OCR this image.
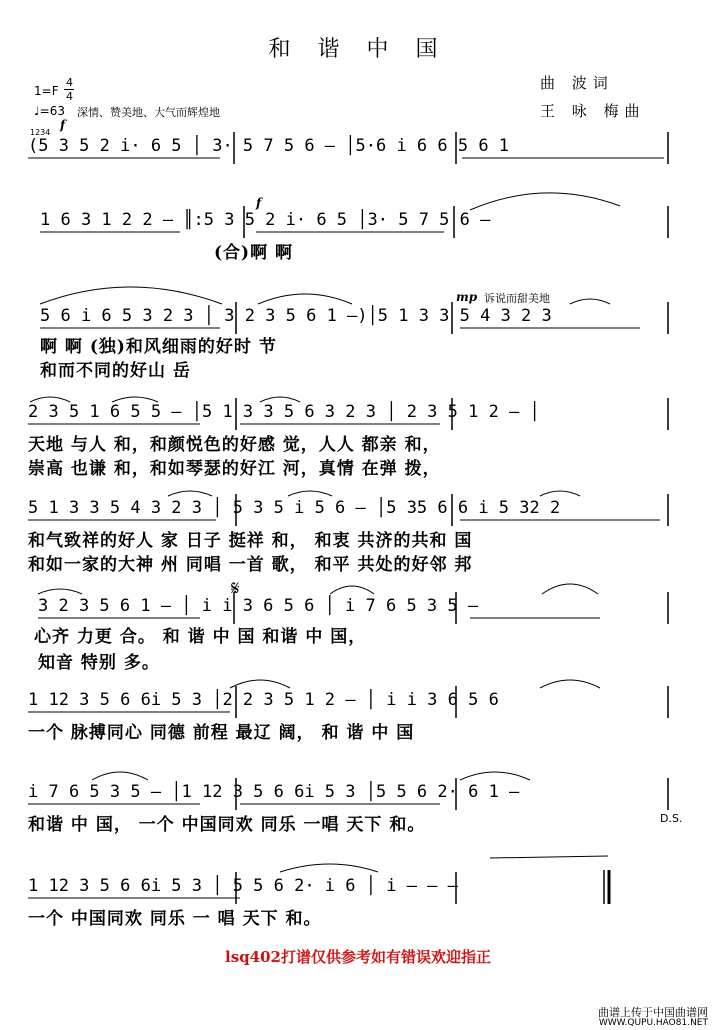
和 谐 中 国
曲 波词
王 咏 梅曲
1=F
4
4
♩=63 深情、赞美地、大气而辉煌地
f
1234
mp 诉说而甜美地
D.S.
𝄋
f
(5 3 5 2 i· 6 5 │ 3· 5 7 5 6 – │5·6 i 6 6 5 6 1
1 6 3 1 2 2 – ║:5 3 5 2 i· 6 5 │3· 5 7 5 6 –
(合)啊 啊
5 6 i 6 5 3 2 3 │ 3 2 3 5 6 1 –)│5 1 3 3 5 4 3 2 3
啊 啊 (独)和风细雨的好时 节
和而不同的好山 岳
2 3 5 1 6 5 5 – │5 1 3 3 5 6 3 2 3 │ 2 3 5 1 2 – │
天地 与人 和，和颜悦色的好感 觉，人人 都亲 和，
崇高 也谦 和，和如琴瑟的好江 河，真情 在弹 拨，
5 1 3 3 5 4 3 2 3 │ 5 3 5 i 5 6 – │5 35 6 6 i 5 32 2
和气致祥的好人 家 日子 挺祥 和， 和衷 共济的共和 国
和如一家的大神 州 同唱 一首 歌， 和平 共处的好邻 邦
3 2 3 5 6 1 – │ i i 3 6 5 6 │ i 7 6 5 3 5 –
心齐 力更 合。 和 谐 中 国 和谐 中 国，
知音 特别 多。
1 12 3 5 6 6i 5 3 │2 2 3 5 1 2 – │ i i 3 6 5 6
一个 脉搏同心 同德 前程 最辽 阔， 和 谐 中 国
i 7 6 5 3 5 – │1 12 3 5 6 6i 5 3 │5 5 6 2· 6 1 –
和谐 中 国， 一个 中国同欢 同乐 一唱 天下 和。
1 12 3 5 6 6i 5 3 │ 5 5 6 2· i 6 │ i – – –
一个 中国同欢 同乐 一 唱 天下 和。
lsq402打谱仅供参考如有错误欢迎指正
曲谱上传于中国曲谱网
WWW.QUPU.HAO81.NET
